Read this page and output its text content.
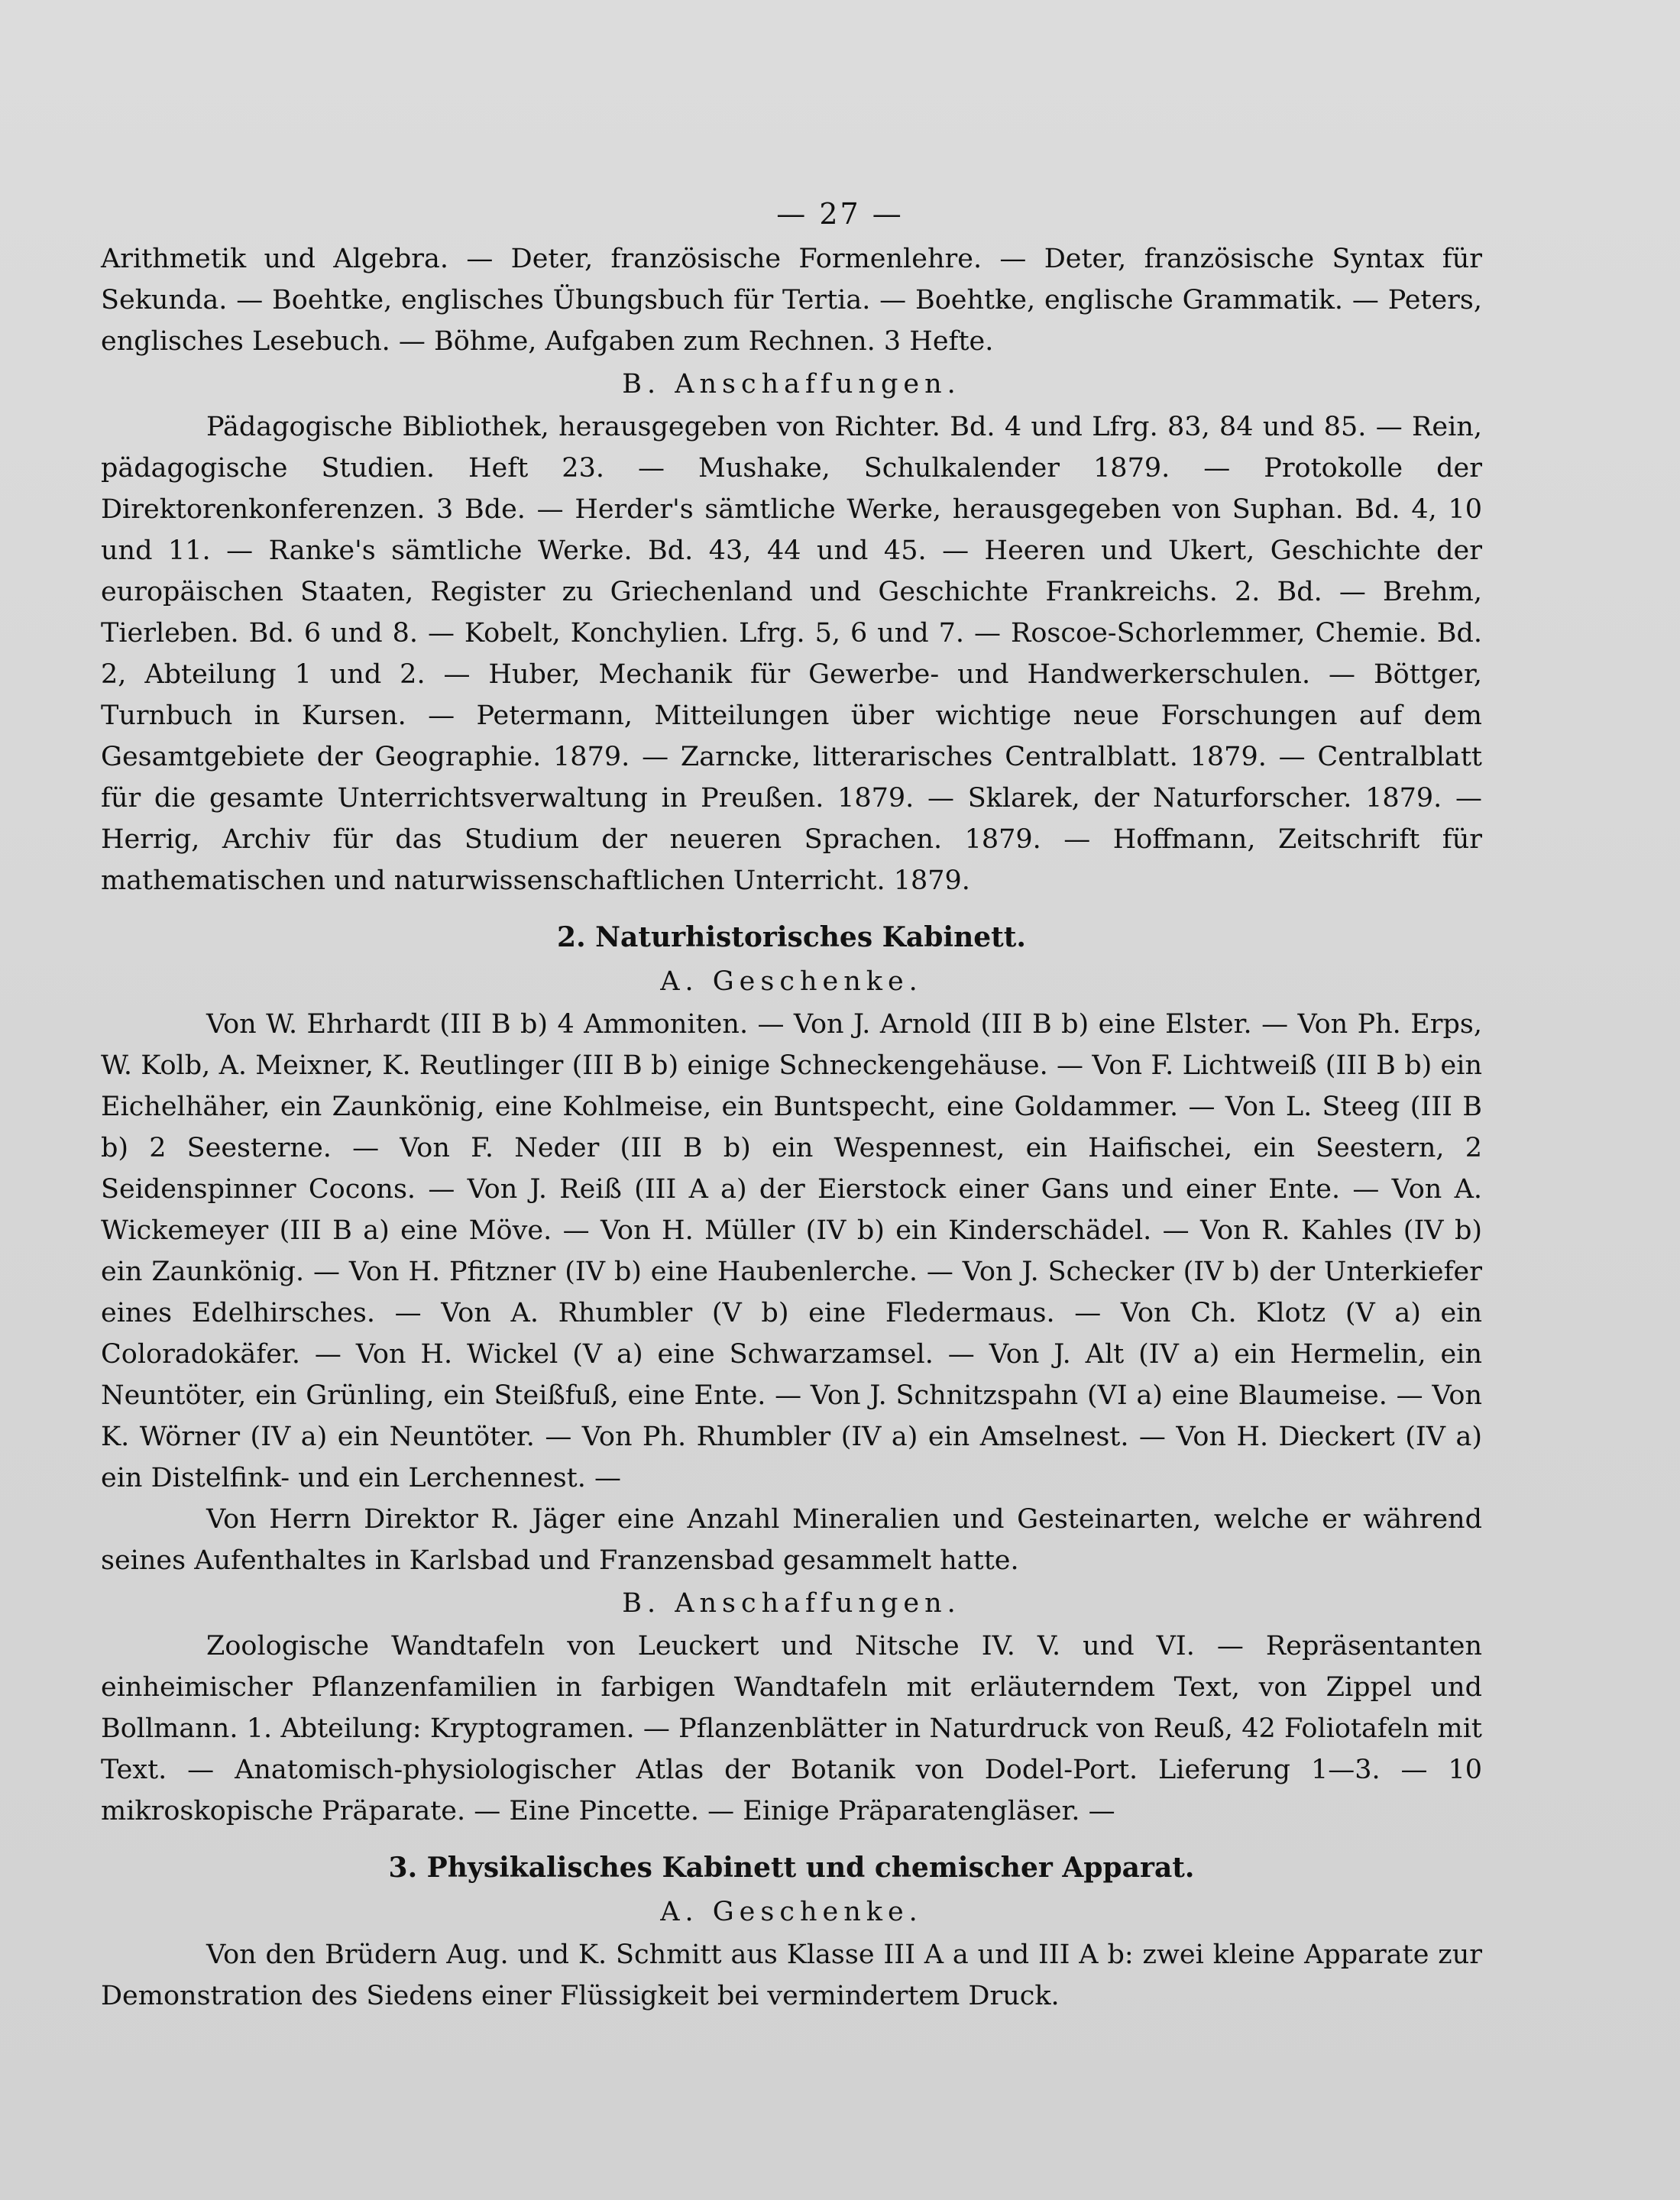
— 27 —

Arithmetik und Algebra. — Deter, französische Formenlehre. — Deter, französische Syntax für Sekunda. — Boehtke, englisches Übungsbuch für Tertia. — Boehtke, englische Grammatik. — Peters, englisches Lesebuch. — Böhme, Aufgaben zum Rechnen. 3 Hefte.

B. Anschaffungen.

Pädagogische Bibliothek, herausgegeben von Richter. Bd. 4 und Lfrg. 83, 84 und 85. — Rein, pädagogische Studien. Heft 23. — Mushake, Schulkalender 1879. — Protokolle der Direktorenkonferenzen. 3 Bde. — Herder's sämtliche Werke, herausgegeben von Suphan. Bd. 4, 10 und 11. — Ranke's sämtliche Werke. Bd. 43, 44 und 45. — Heeren und Ukert, Geschichte der europäischen Staaten, Register zu Griechenland und Geschichte Frankreichs. 2. Bd. — Brehm, Tierleben. Bd. 6 und 8. — Kobelt, Konchylien. Lfrg. 5, 6 und 7. — Roscoe-Schorlemmer, Chemie. Bd. 2, Abteilung 1 und 2. — Huber, Mechanik für Gewerbe- und Handwerkerschulen. — Böttger, Turnbuch in Kursen. — Petermann, Mitteilungen über wichtige neue Forschungen auf dem Gesamtgebiete der Geographie. 1879. — Zarncke, litterarisches Centralblatt. 1879. — Centralblatt für die gesamte Unterrichtsverwaltung in Preußen. 1879. — Sklarek, der Naturforscher. 1879. — Herrig, Archiv für das Studium der neueren Sprachen. 1879. — Hoffmann, Zeitschrift für mathematischen und naturwissenschaftlichen Unterricht. 1879.

2. Naturhistorisches Kabinett.

A. Geschenke.

Von W. Ehrhardt (III B b) 4 Ammoniten. — Von J. Arnold (III B b) eine Elster. — Von Ph. Erps, W. Kolb, A. Meixner, K. Reutlinger (III B b) einige Schneckengehäuse. — Von F. Lichtweiß (III B b) ein Eichelhäher, ein Zaunkönig, eine Kohlmeise, ein Buntspecht, eine Goldammer. — Von L. Steeg (III B b) 2 Seesterne. — Von F. Neder (III B b) ein Wespennest, ein Haifischei, ein Seestern, 2 Seidenspinner Cocons. — Von J. Reiß (III A a) der Eierstock einer Gans und einer Ente. — Von A. Wickemeyer (III B a) eine Möve. — Von H. Müller (IV b) ein Kinderschädel. — Von R. Kahles (IV b) ein Zaunkönig. — Von H. Pfitzner (IV b) eine Haubenlerche. — Von J. Schecker (IV b) der Unterkiefer eines Edelhirsches. — Von A. Rhumbler (V b) eine Fledermaus. — Von Ch. Klotz (V a) ein Coloradokäfer. — Von H. Wickel (V a) eine Schwarzamsel. — Von J. Alt (IV a) ein Hermelin, ein Neuntöter, ein Grünling, ein Steißfuß, eine Ente. — Von J. Schnitzspahn (VI a) eine Blaumeise. — Von K. Wörner (IV a) ein Neuntöter. — Von Ph. Rhumbler (IV a) ein Amselnest. — Von H. Dieckert (IV a) ein Distelfink- und ein Lerchennest. —

Von Herrn Direktor R. Jäger eine Anzahl Mineralien und Gesteinarten, welche er während seines Aufenthaltes in Karlsbad und Franzensbad gesammelt hatte.

B. Anschaffungen.

Zoologische Wandtafeln von Leuckert und Nitsche IV. V. und VI. — Repräsentanten einheimischer Pflanzenfamilien in farbigen Wandtafeln mit erläuterndem Text, von Zippel und Bollmann. 1. Abteilung: Kryptogramen. — Pflanzenblätter in Naturdruck von Reuß, 42 Foliotafeln mit Text. — Anatomisch-physiologischer Atlas der Botanik von Dodel-Port. Lieferung 1—3. — 10 mikroskopische Präparate. — Eine Pincette. — Einige Präparatengläser. —

3. Physikalisches Kabinett und chemischer Apparat.

A. Geschenke.

Von den Brüdern Aug. und K. Schmitt aus Klasse III A a und III A b: zwei kleine Apparate zur Demonstration des Siedens einer Flüssigkeit bei vermindertem Druck.
